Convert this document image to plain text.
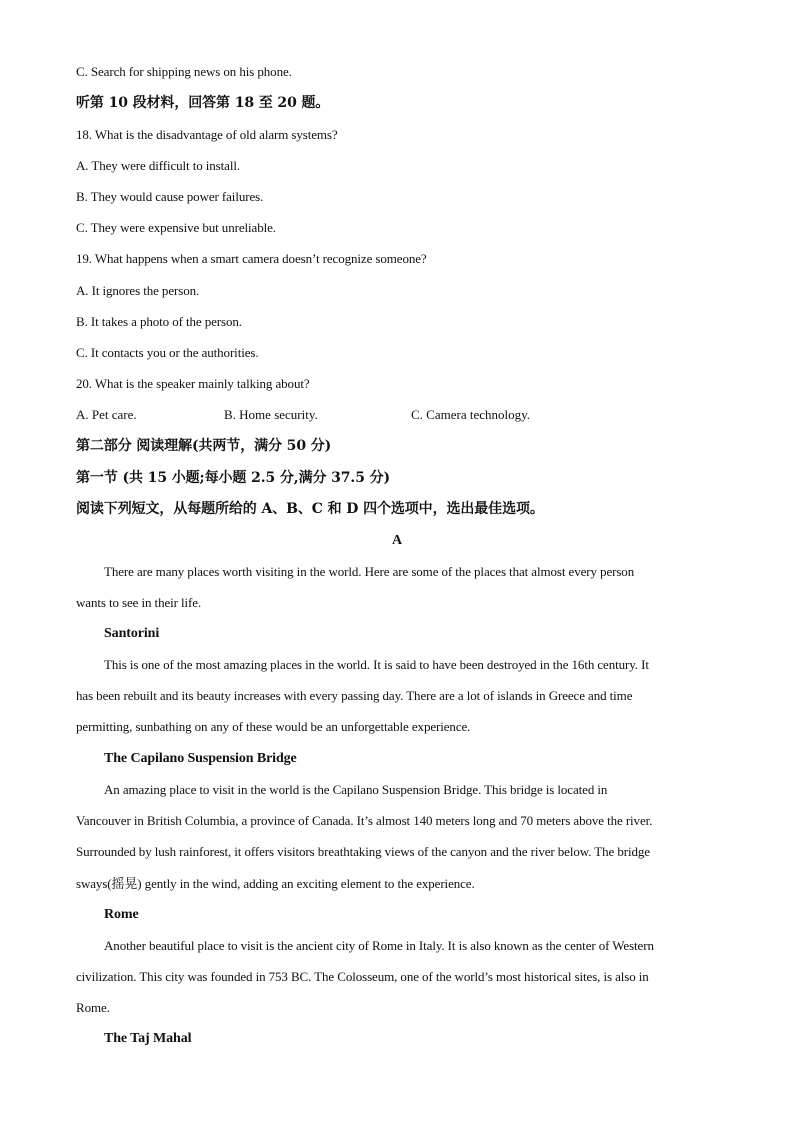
C. Search for shipping news on his phone.
听第 10 段材料，回答第 18 至 20 题。
18. What is the disadvantage of old alarm systems?
A. They were difficult to install.
B. They would cause power failures.
C. They were expensive but unreliable.
19. What happens when a smart camera doesn’t recognize someone?
A. It ignores the person.
B. It takes a photo of the person.
C. It contacts you or the authorities.
20. What is the speaker mainly talking about?
A. Pet care.	B. Home security.	C. Camera technology.
第二部分 阅读理解(共两节，满分 50 分)
第一节 (共 15 小题;每小题 2.5 分,满分 37.5 分)
阅读下列短文，从每题所给的 A、B、C 和 D 四个选项中，选出最佳选项。
A
There are many places worth visiting in the world. Here are some of the places that almost every person
wants to see in their life.
Santorini
This is one of the most amazing places in the world. It is said to have been destroyed in the 16th century. It
has been rebuilt and its beauty increases with every passing day. There are a lot of islands in Greece and time
permitting, sunbathing on any of these would be an unforgettable experience.
The Capilano Suspension Bridge
An amazing place to visit in the world is the Capilano Suspension Bridge. This bridge is located in
Vancouver in British Columbia, a province of Canada. It’s almost 140 meters long and 70 meters above the river.
Surrounded by lush rainforest, it offers visitors breathtaking views of the canyon and the river below. The bridge
sways(摇晃) gently in the wind, adding an exciting element to the experience.
Rome
Another beautiful place to visit is the ancient city of Rome in Italy. It is also known as the center of Western
civilization. This city was founded in 753 BC. The Colosseum, one of the world’s most historical sites, is also in
Rome.
The Taj Mahal
